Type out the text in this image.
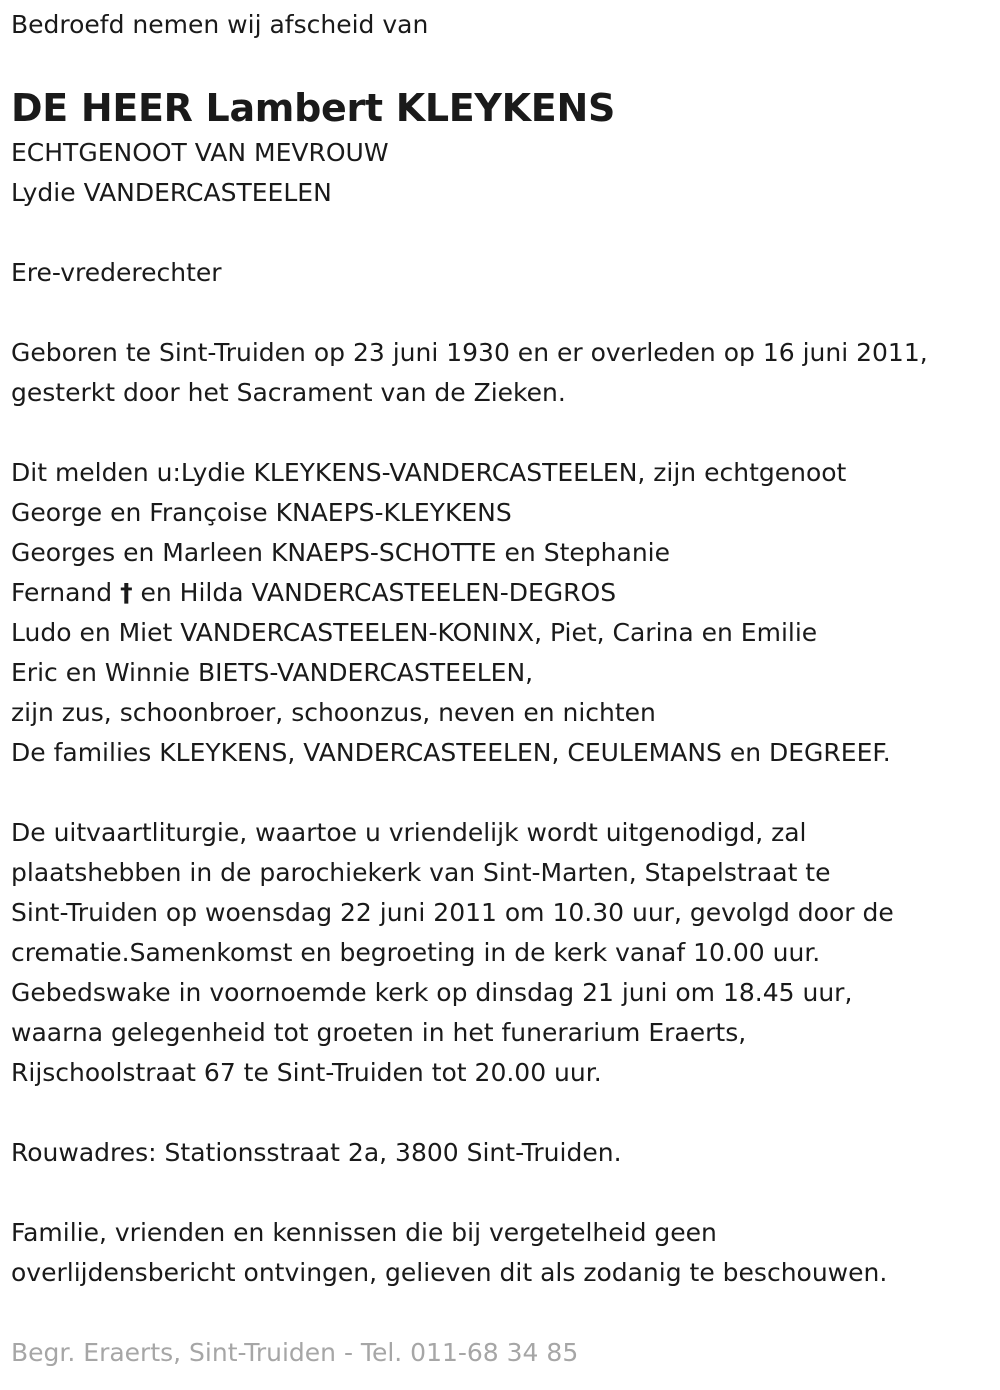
Bedroefd nemen wij afscheid van
DE HEER Lambert KLEYKENS
ECHTGENOOT VAN MEVROUW
Lydie VANDERCASTEELEN
Ere-vrederechter
Geboren te Sint-Truiden op 23 juni 1930 en er overleden op 16 juni 2011,
gesterkt door het Sacrament van de Zieken.
Dit melden u:Lydie KLEYKENS-VANDERCASTEELEN, zijn echtgenoot
George en Françoise KNAEPS-KLEYKENS
Georges en Marleen KNAEPS-SCHOTTE en Stephanie
Fernand † en Hilda VANDERCASTEELEN-DEGROS
Ludo en Miet VANDERCASTEELEN-KONINX, Piet, Carina en Emilie
Eric en Winnie BIETS-VANDERCASTEELEN,
zijn zus, schoonbroer, schoonzus, neven en nichten
De families KLEYKENS, VANDERCASTEELEN, CEULEMANS en DEGREEF.
De uitvaartliturgie, waartoe u vriendelijk wordt uitgenodigd, zal
plaatshebben in de parochiekerk van Sint-Marten, Stapelstraat te
Sint-Truiden op woensdag 22 juni 2011 om 10.30 uur, gevolgd door de
crematie.Samenkomst en begroeting in de kerk vanaf 10.00 uur.
Gebedswake in voornoemde kerk op dinsdag 21 juni om 18.45 uur,
waarna gelegenheid tot groeten in het funerarium Eraerts,
Rijschoolstraat 67 te Sint-Truiden tot 20.00 uur.
Rouwadres: Stationsstraat 2a, 3800 Sint-Truiden.
Familie, vrienden en kennissen die bij vergetelheid geen
overlijdensbericht ontvingen, gelieven dit als zodanig te beschouwen.
Begr. Eraerts, Sint-Truiden - Tel. 011-68 34 85
